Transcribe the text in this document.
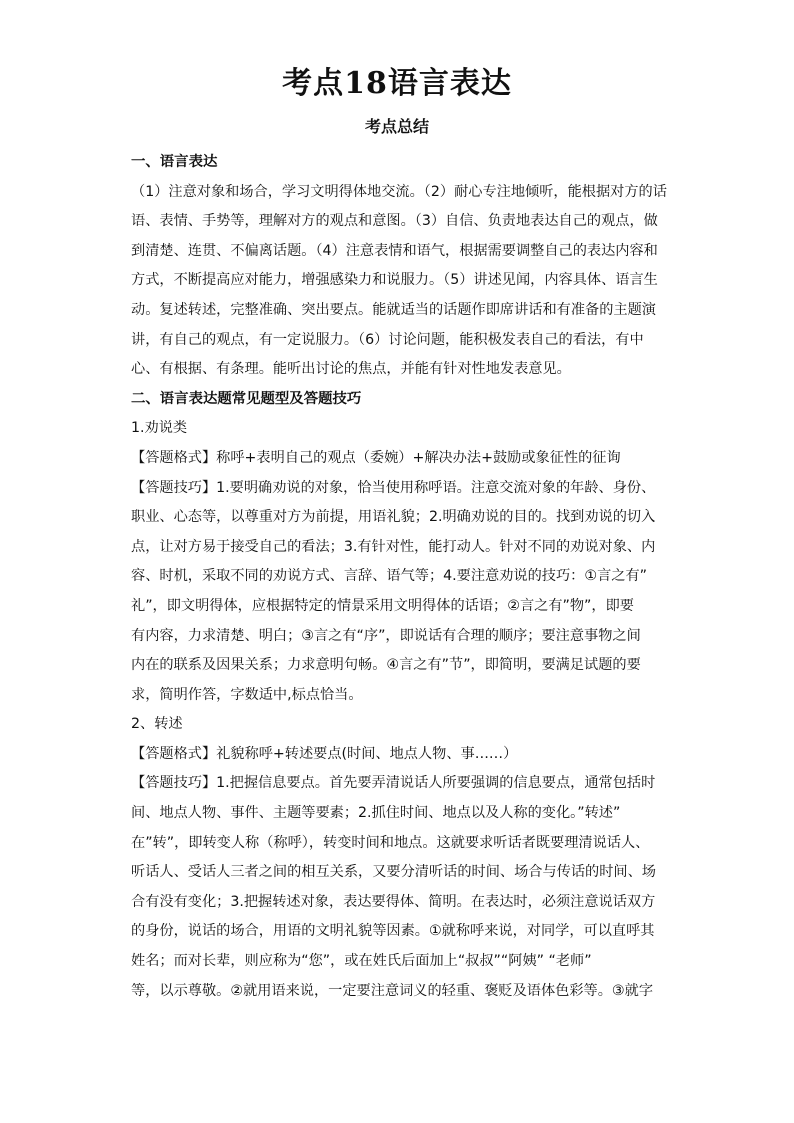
考点18语言表达
考点总结
一、语言表达
（1）注意对象和场合，学习文明得体地交流。（2）耐心专注地倾听，能根据对方的话
语、表情、手势等，理解对方的观点和意图。（3）自信、负责地表达自己的观点，做
到清楚、连贯、不偏离话题。（4）注意表情和语气，根据需要调整自己的表达内容和
方式，不断提高应对能力，增强感染力和说服力。（5）讲述见闻，内容具体、语言生
动。复述转述，完整准确、突出要点。能就适当的话题作即席讲话和有准备的主题演
讲，有自己的观点，有一定说服力。（6）讨论问题，能积极发表自己的看法，有中
心、有根据、有条理。能听出讨论的焦点，并能有针对性地发表意见。
二、语言表达题常见题型及答题技巧
1.劝说类
【答题格式】称呼+表明自己的观点（委婉）+解决办法+鼓励或象征性的征询
【答题技巧】1.要明确劝说的对象，恰当使用称呼语。注意交流对象的年龄、身份、
职业、心态等，以尊重对方为前提，用语礼貌；2.明确劝说的目的。找到劝说的切入
点，让对方易于接受自己的看法；3.有针对性，能打动人。针对不同的劝说对象、内
容、时机，采取不同的劝说方式、言辞、语气等；4.要注意劝说的技巧：①言之有”
礼”，即文明得体，应根据特定的情景采用文明得体的话语；②言之有”物”，即要
有内容，力求清楚、明白；③言之有“序”，即说话有合理的顺序；要注意事物之间
内在的联系及因果关系；力求意明句畅。④言之有”节”，即简明，要满足试题的要
求，简明作答，字数适中,标点恰当。
2、转述
【答题格式】礼貌称呼+转述要点(时间、地点人物、事……）
【答题技巧】1.把握信息要点。首先要弄清说话人所要强调的信息要点，通常包括时
间、地点人物、事件、主题等要素；2.抓住时间、地点以及人称的变化。”转述”
在”转”，即转变人称（称呼），转变时间和地点。这就要求听话者既要理清说话人、
听话人、受话人三者之间的相互关系，又要分清听话的时间、场合与传话的时间、场
合有没有变化；3.把握转述对象，表达要得体、简明。在表达时，必须注意说话双方
的身份，说话的场合，用语的文明礼貌等因素。①就称呼来说，对同学，可以直呼其
姓名；而对长辈，则应称为“您”，或在姓氏后面加上“叔叔”“阿姨” “老师”
等，以示尊敬。②就用语来说，一定要注意词义的轻重、褒贬及语体色彩等。③就字
